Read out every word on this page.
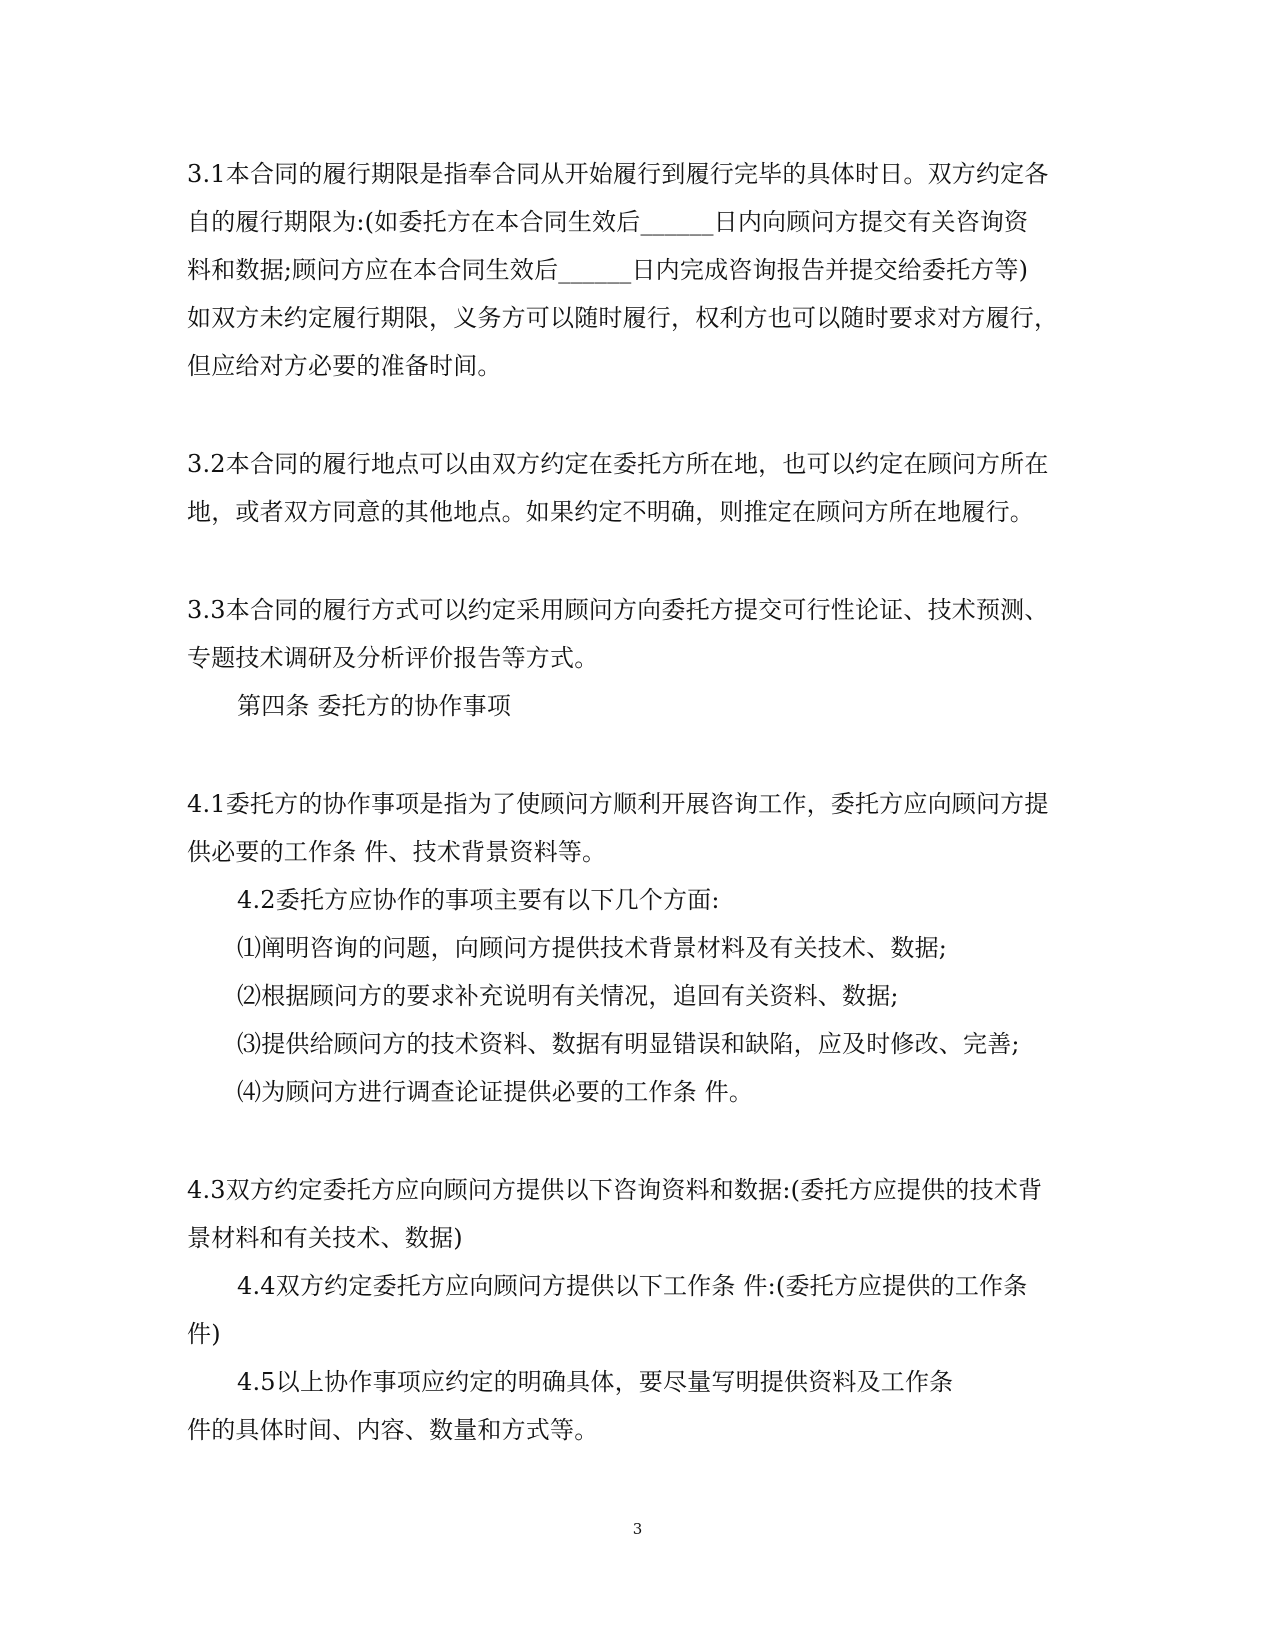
3.1本合同的履行期限是指奉合同从开始履行到履行完毕的具体时日。双方约定各
自的履行期限为:(如委托方在本合同生效后______日内向顾问方提交有关咨询资
料和数据;顾问方应在本合同生效后______日内完成咨询报告并提交给委托方等)
如双方未约定履行期限，义务方可以随时履行，权利方也可以随时要求对方履行，
但应给对方必要的准备时间。
3.2本合同的履行地点可以由双方约定在委托方所在地，也可以约定在顾问方所在
地，或者双方同意的其他地点。如果约定不明确，则推定在顾问方所在地履行。
3.3本合同的履行方式可以约定采用顾问方向委托方提交可行性论证、技术预测、
专题技术调研及分析评价报告等方式。
第四条 委托方的协作事项
4.1委托方的协作事项是指为了使顾问方顺利开展咨询工作，委托方应向顾问方提
供必要的工作条 件、技术背景资料等。
4.2委托方应协作的事项主要有以下几个方面:
⑴阐明咨询的问题，向顾问方提供技术背景材料及有关技术、数据;
⑵根据顾问方的要求补充说明有关情况，追回有关资料、数据;
⑶提供给顾问方的技术资料、数据有明显错误和缺陷，应及时修改、完善;
⑷为顾问方进行调查论证提供必要的工作条 件。
4.3双方约定委托方应向顾问方提供以下咨询资料和数据:(委托方应提供的技术背
景材料和有关技术、数据)
4.4双方约定委托方应向顾问方提供以下工作条 件:(委托方应提供的工作条
件)
4.5以上协作事项应约定的明确具体，要尽量写明提供资料及工作条
件的具体时间、内容、数量和方式等。
3
